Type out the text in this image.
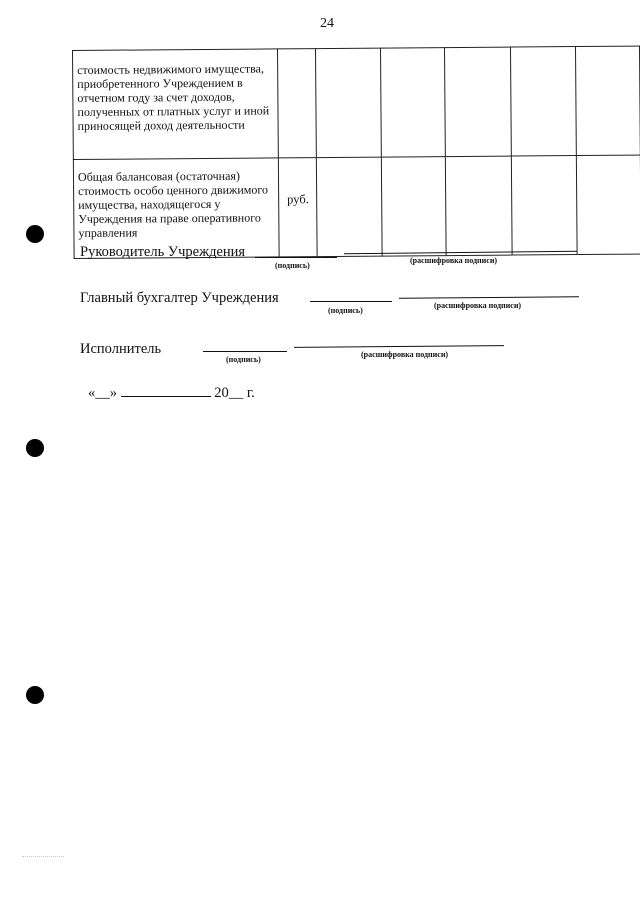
24
стоимость недвижимого имущества, приобретенного Учреждением в отчетном году за счет доходов, полученных от платных услуг и иной приносящей доход деятельности						
Общая балансовая (остаточная) стоимость особо ценного движимого имущества, находящегося у Учреждения на праве оперативного управления	руб.					
Руководитель Учреждения
(подпись)
(расшифровка подписи)
Главный бухгалтер Учреждения
(подпись)
(расшифровка подписи)
Исполнитель
(подпись)
(расшифровка подписи)
«__»	20__ г.
